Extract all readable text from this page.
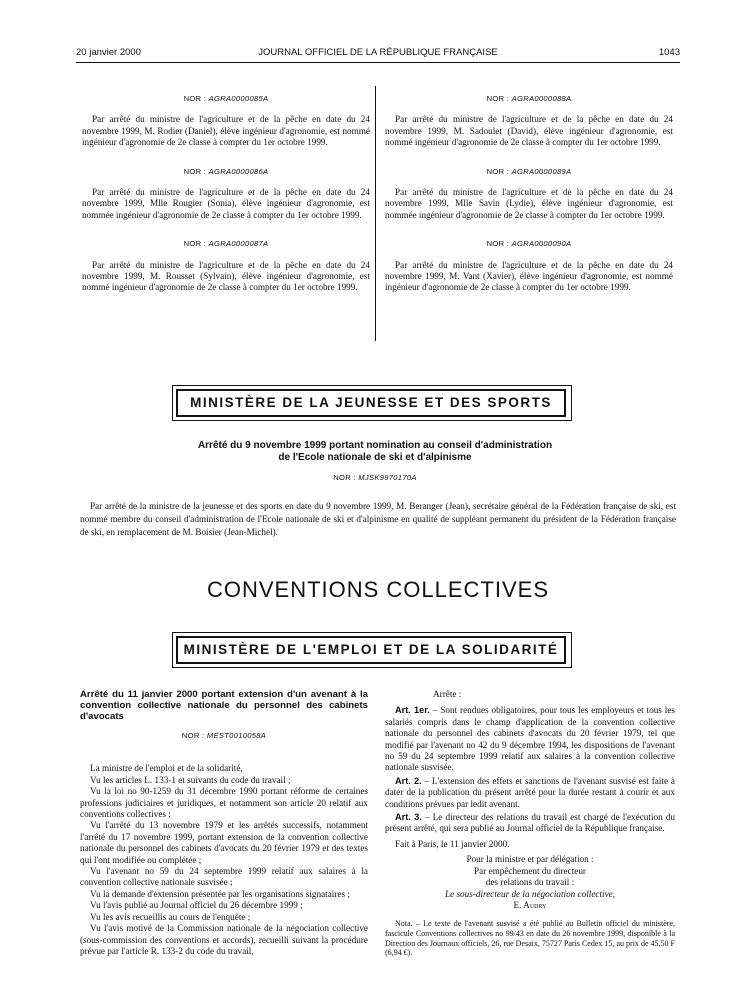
20 janvier 2000	JOURNAL OFFICIEL DE LA RÉPUBLIQUE FRANÇAISE	1043
NOR : AGRA0000085A

Par arrêté du ministre de l'agriculture et de la pêche en date du 24 novembre 1999, M. Rodier (Daniel), élève ingénieur d'agronomie, est nommé ingénieur d'agronomie de 2e classe à compter du 1er octobre 1999.

NOR : AGRA0000086A

Par arrêté du ministre de l'agriculture et de la pêche en date du 24 novembre 1999, Mlle Rougier (Sonia), élève ingénieur d'agronomie, est nommée ingénieur d'agronomie de 2e classe à compter du 1er octobre 1999.

NOR : AGRA0000087A

Par arrêté du ministre de l'agriculture et de la pêche en date du 24 novembre 1999, M. Rousset (Sylvain), élève ingénieur d'agronomie, est nommé ingénieur d'agronomie de 2e classe à compter du 1er octobre 1999.

NOR : AGRA0000088A

Par arrêté du ministre de l'agriculture et de la pêche en date du 24 novembre 1999, M. Sadoulet (David), élève ingénieur d'agronomie, est nommé ingénieur d'agronomie de 2e classe à compter du 1er octobre 1999.

NOR : AGRA0000089A

Par arrêté du ministre de l'agriculture et de la pêche en date du 24 novembre 1999, Mlle Savin (Lydie), élève ingénieur d'agronomie, est nommée ingénieur d'agronomie de 2e classe à compter du 1er octobre 1999.

NOR : AGRA0000090A

Par arrêté du ministre de l'agriculture et de la pêche en date du 24 novembre 1999, M. Vant (Xavier), élève ingénieur d'agronomie, est nommé ingénieur d'agronomie de 2e classe à compter du 1er octobre 1999.

MINISTÈRE DE LA JEUNESSE ET DES SPORTS
Arrêté du 9 novembre 1999 portant nomination au conseil d'administration
de l'Ecole nationale de ski et d'alpinisme
NOR : MJSK9970170A

Par arrêté de la ministre de la jeunesse et des sports en date du 9 novembre 1999, M. Beranger (Jean), secrétaire général de la Fédération française de ski, est nommé membre du conseil d'administration de l'Ecole nationale de ski et d'alpinisme en qualité de suppléant permanent du président de la Fédération française de ski, en remplacement de M. Boisier (Jean-Michel).

CONVENTIONS COLLECTIVES
MINISTÈRE DE L'EMPLOI ET DE LA SOLIDARITÉ
Arrêté du 11 janvier 2000 portant extension d'un avenant à la convention collective nationale du personnel des cabinets d'avocats
NOR : MEST0010058A

La ministre de l'emploi et de la solidarité,

Vu les articles L. 133-1 et suivants du code du travail ;

Vu la loi no 90-1259 du 31 décembre 1990 portant réforme de certaines professions judiciaires et juridiques, et notamment son article 20 relatif aux conventions collectives ;

Vu l'arrêté du 13 novembre 1979 et les arrêtés successifs, notamment l'arrêté du 17 novembre 1999, portant extension de la convention collective nationale du personnel des cabinets d'avocats du 20 février 1979 et des textes qui l'ont modifiée ou complétée ;

Vu l'avenant no 59 du 24 septembre 1999 relatif aux salaires à la convention collective nationale susvisée ;

Vu la demande d'extension présentée par les organisations signataires ;

Vu l'avis publié au Journal officiel du 26 décembre 1999 ;

Vu les avis recueillis au cours de l'enquête ;

Vu l'avis motivé de la Commission nationale de la négociation collective (sous-commission des conventions et accords), recueilli suivant la procédure prévue par l'article R. 133-2 du code du travail,

Arrête :

Art. 1er. – Sont rendues obligatoires, pour tous les employeurs et tous les salariés compris dans le champ d'application de la convention collective nationale du personnel des cabinets d'avocats du 20 février 1979, tel que modifié par l'avenant no 42 du 9 décembre 1994, les dispositions de l'avenant no 59 du 24 septembre 1999 relatif aux salaires à la convention collective nationale susvisée.

Art. 2. – L'extension des effets et sanctions de l'avenant susvisé est faite à dater de la publication du présent arrêté pour la durée restant à courir et aux conditions prévues par ledit avenant.

Art. 3. – Le directeur des relations du travail est chargé de l'exécution du présent arrêté, qui sera publié au Journal officiel de la République française.

Fait à Paris, le 11 janvier 2000.

Pour la ministre et par délégation :

Par empêchement du directeur

des relations du travail :

Le sous-directeur de la négociation collective,

E. Audry

Nota. – Le texte de l'avenant susvisé a été publié au Bulletin officiel du ministère, fascicule Conventions collectives no 99/43 en date du 26 novembre 1999, disponible à la Direction des Journaux officiels, 26, rue Desaix, 75727 Paris Cedex 15, au prix de 45,50 F (6,94 €).
